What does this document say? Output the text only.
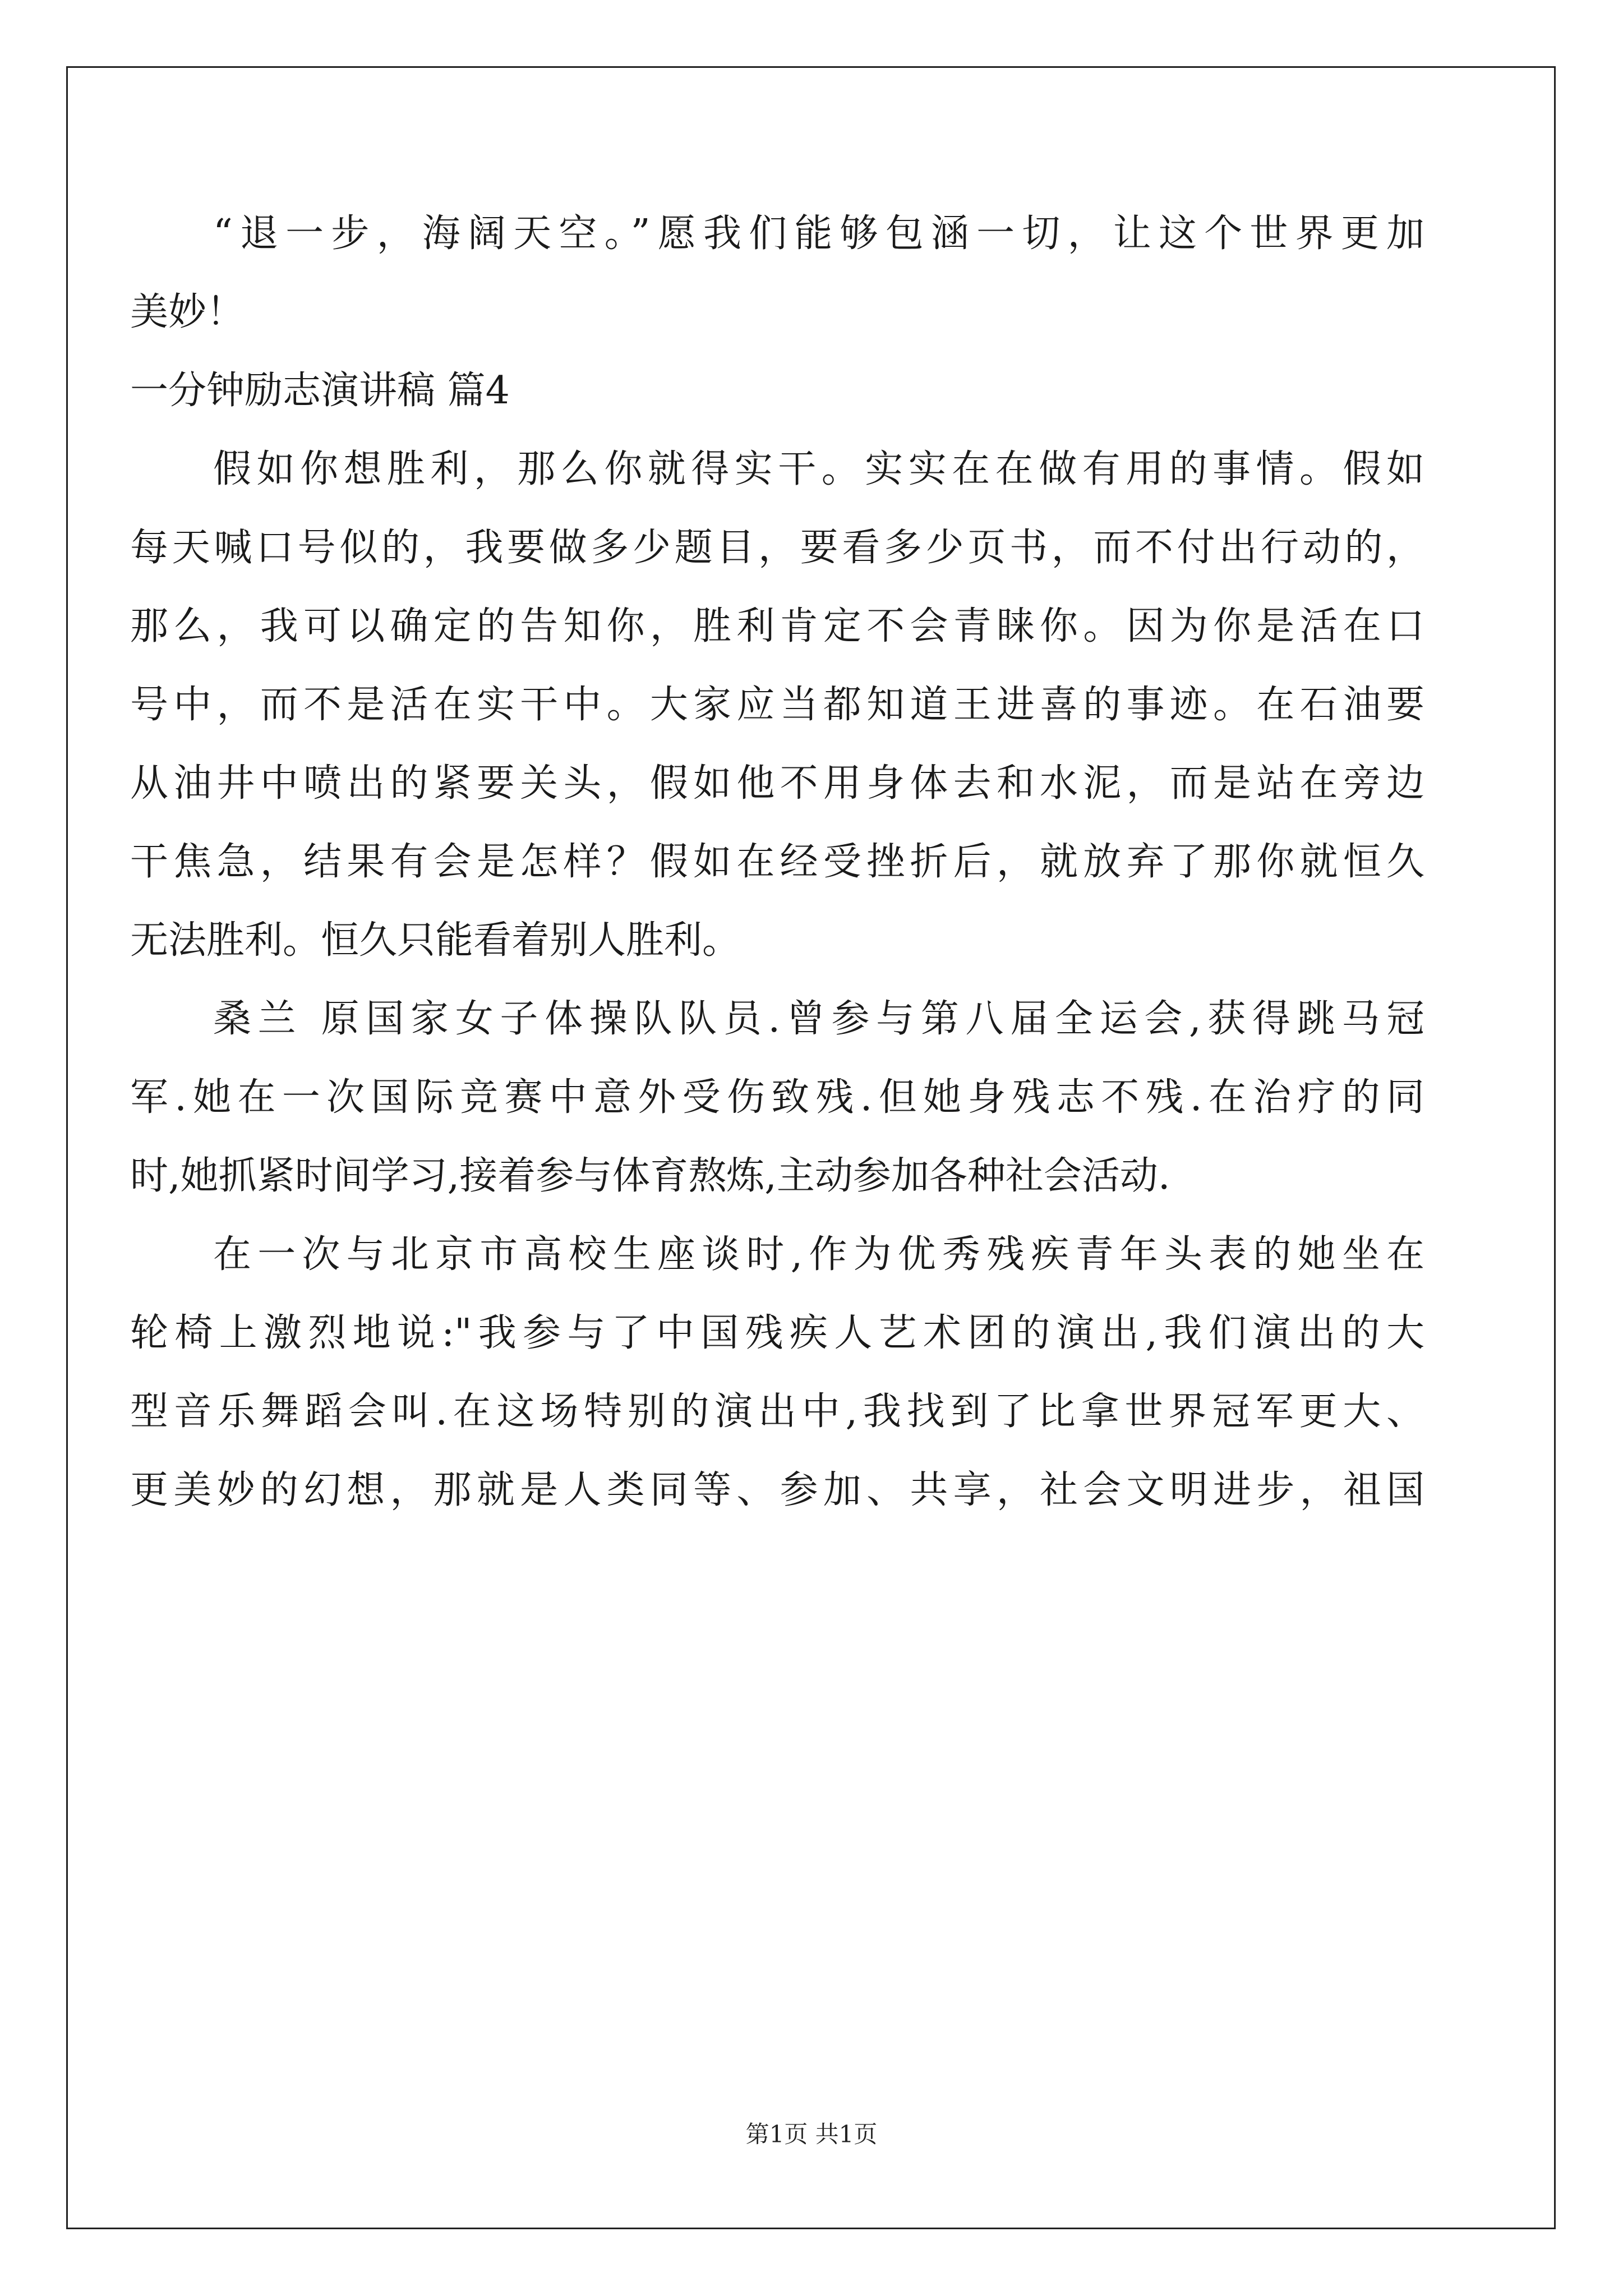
“退一步，海阔天空。”愿我们能够包涵一切，让这个世界更加
美妙！
一分钟励志演讲稿 篇4
假如你想胜利，那么你就得实干。实实在在做有用的事情。假如
每天喊口号似的，我要做多少题目，要看多少页书，而不付出行动的，
那么，我可以确定的告知你，胜利肯定不会青睐你。因为你是活在口
号中，而不是活在实干中。大家应当都知道王进喜的事迹。在石油要
从油井中喷出的紧要关头，假如他不用身体去和水泥，而是站在旁边
干焦急，结果有会是怎样？假如在经受挫折后，就放弃了那你就恒久
无法胜利。恒久只能看着别人胜利。
桑兰 原国家女子体操队队员.曾参与第八届全运会,获得跳马冠
军.她在一次国际竞赛中意外受伤致残.但她身残志不残.在治疗的同
时,她抓紧时间学习,接着参与体育熬炼,主动参加各种社会活动.
在一次与北京市高校生座谈时,作为优秀残疾青年头表的她坐在
轮椅上激烈地说:"我参与了中国残疾人艺术团的演出,我们演出的大
型音乐舞蹈会叫.在这场特别的演出中,我找到了比拿世界冠军更大、
更美妙的幻想，那就是人类同等、参加、共享，社会文明进步，祖国
第1页 共1页
